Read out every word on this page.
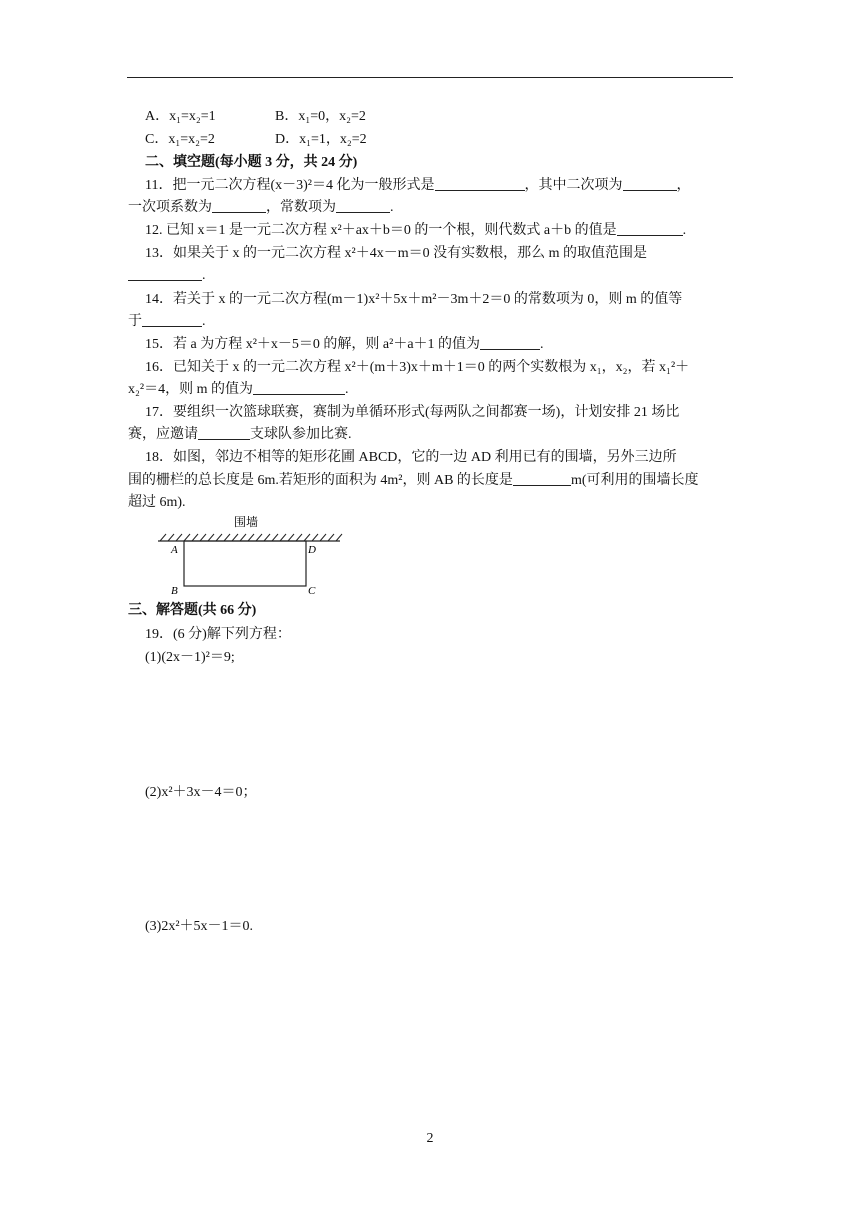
A．x₁=x₂=1	B．x₁=0，x₂=2
C．x₁=x₂=2	D．x₁=1，x₂=2
二、填空题(每小题 3 分，共 24 分)
11．把一元二次方程(x－3)²＝4 化为一般形式是	，其中二次项为	，
一次项系数为	，常数项为	.
12. 已知 x＝1 是一元二次方程 x²＋ax＋b＝0 的一个根，则代数式 a＋b 的值是	.
13．如果关于 x 的一元二次方程 x²＋4x－m＝0 没有实数根，那么 m 的取值范围是
.
14．若关于 x 的一元二次方程(m－1)x²＋5x＋m²－3m＋2＝0 的常数项为 0，则 m 的值等
于	.
15．若 a 为方程 x²＋x－5＝0 的解，则 a²＋a＋1 的值为	.
16．已知关于 x 的一元二次方程 x²＋(m＋3)x＋m＋1＝0 的两个实数根为 x₁，x₂，若 x₁²＋
x₂²＝4，则 m 的值为	.
17．要组织一次篮球联赛，赛制为单循环形式(每两队之间都赛一场)，计划安排 21 场比
赛，应邀请	支球队参加比赛.
18．如图，邻边不相等的矩形花圃 ABCD，它的一边 AD 利用已有的围墙，另外三边所
围的栅栏的总长度是 6m.若矩形的面积为 4m²，则 AB 的长度是	m(可利用的围墙长度
超过 6m).
围墙
A	D
B	C
三、解答题(共 66 分)
19．(6 分)解下列方程：
(1)(2x－1)²＝9;
(2)x²＋3x－4＝0；
(3)2x²＋5x－1＝0.
2
